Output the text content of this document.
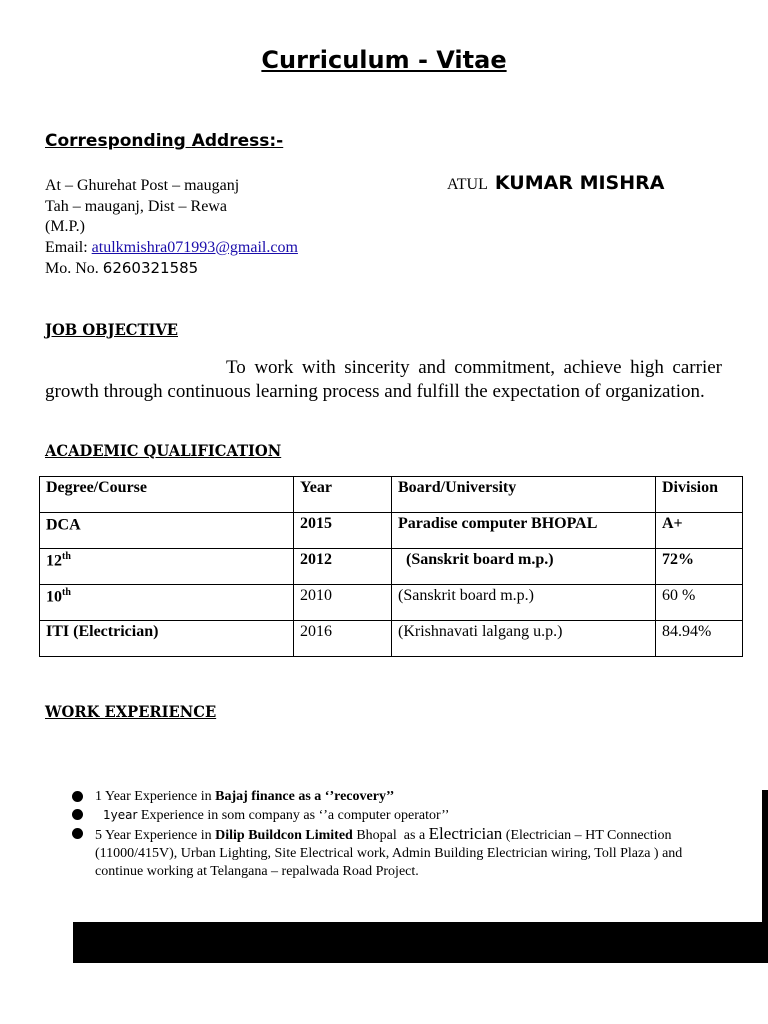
Curriculum - Vitae
Corresponding Address:-
At – Ghurehat Post – mauganj
Tah – mauganj, Dist – Rewa
(M.P.)
Email: atulkmishra071993@gmail.com
Mo. No. 6260321585
ATUL KUMAR MISHRA
JOB OBJECTIVE
To work with sincerity and commitment, achieve high carrier growth through continuous learning process and fulfill the expectation of organization.
ACADEMIC QUALIFICATION
Degree/Course	Year	Board/University	Division
DCA	2015	Paradise computer BHOPAL	A+
12th	2012	(Sanskrit board m.p.)	72%
10th	2010	(Sanskrit board m.p.)	60 %
ITI (Electrician)	2016	(Krishnavati lalgang u.p.)	84.94%
WORK EXPERIENCE
1 Year Experience in Bajaj finance as a ‘’recovery’’
1year Experience in som company as ‘’a computer operator’’
5 Year Experience in Dilip Buildcon Limited Bhopal  as a Electrician (Electrician – HT Connection (11000/415V), Urban Lighting, Site Electrical work, Admin Building Electrician wiring, Toll Plaza ) and continue working at Telangana – repalwada Road Project.
